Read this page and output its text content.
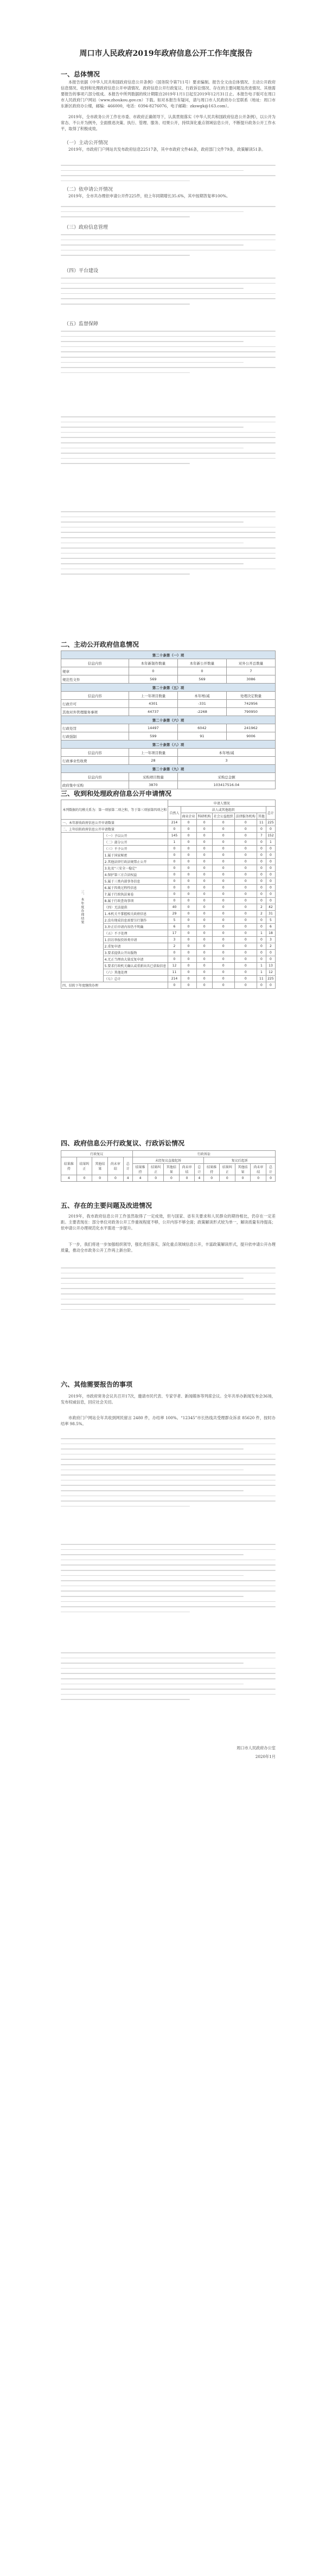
周口市人民政府2019年政府信息公开工作年度报告
一、总体情况

本报告依据《中华人民共和国政府信息公开条例》（国务院令第711号）要求编制。报告全文由总体情况、主动公开政府信息情况、收到和处理政府信息公开申请情况、政府信息公开行政复议、行政诉讼情况、存在的主要问题及改进情况、其他需要报告的事项六部分组成。本报告中所列数据的统计期限自2019年1月1日起至2019年12月31日止。本报告电子版可在周口市人民政府门户网站（www.zhoukou.gov.cn）下载。如对本报告有疑问，请与周口市人民政府办公室联系（地址：周口市东新区政府办公楼，邮编：466000，电话：0394-8276076，电子邮箱：zkswgk@163.com）。

2019年，全市政务公开工作在市委、市政府正确领导下，认真贯彻落实《中华人民共和国政府信息公开条例》，以公开为常态、不公开为例外，全面推进决策、执行、管理、服务、结果公开，持续深化重点领域信息公开，不断提升政务公开工作水平，取得了积极成效。

（一）主动公开情况

2019年，市政府门户网站共发布政府信息22517条，其中市政府文件46条，政府部门文件79条，政策解读51条。

（二）依申请公开情况

2019年，全市共办理依申请公开件225件，较上年同期增长35.6%，其中按期答复率100%。

（三）政府信息管理
（四）平台建设
（五）监督保障
二、主动公开政府信息情况
第二十条第（一）项			
信息内容	本年新制作数量	本年新公开数量	对外公开总数量
规章	0	0	7
规范性文件	569	569	3086
第二十条第（五）项			
信息内容	上一年项目数量	本年增/减	处理决定数量
行政许可	4301	-331	742956
其他对外管理服务事项	44737	-2268	790950
第二十条第（六）项			
行政处罚	14497	6042	241962
行政强制	599	91	9006
第二十条第（八）项			
信息内容	上一年项目数量	本年增/减	
行政事业性收费	28	3	
第二十条第（九）项			
信息内容	采购项目数量	采购总金额	
政府集中采购	3870	103417516.04	
三、收到和处理政府信息公开申请情况
本列数据的勾稽关系为：第一项加第二项之和，等于第三项加第四项之和		申请人情况						
		自然人	法人或其他组织					总计
			商业企业	科研机构	社会公益组织	法律服务机构	其他	
一、本年新收政府信息公开申请数量		214	0	0	0	0	11	225
二、上年结转政府信息公开申请数量		0	0	0	0	0	0	0
三、本年度办理结果	（一）予以公开	145	0	0	0	0	7	152
	（二）部分公开	1	0	0	0	0	0	1
	（三）不予公开	0	0	0	0	0	0	0
	1.属于国家秘密	0	0	0	0	0	0	0
	2.其他法律行政法规禁止公开	0	0	0	0	0	0	0
	3.危及"三安全一稳定"	0	0	0	0	0	0	0
	4.保护第三方合法权益	0	0	0	0	0	0	0
	5.属于三类内部事务信息	0	0	0	0	0	0	0
	6.属于四类过程性信息	0	0	0	0	0	0	0
	7.属于行政执法案卷	0	0	0	0	0	0	0
	8.属于行政查询事项	0	0	0	0	0	0	0
	（四）无法提供	40	0	0	0	0	2	42
	1.本机关不掌握相关政府信息	29	0	0	0	0	2	31
	2.没有现成信息需要另行制作	5	0	0	0	0	0	5
	3.补正后申请内容仍不明确	6	0	0	0	0	0	6
	（五）不予处理	17	0	0	0	0	1	18
	1.信访举报投诉类申请	3	0	0	0	0	0	3
	2.重复申请	2	0	0	0	0	0	2
	3.要求提供公开出版物	0	0	0	0	0	0	0
	4.无正当理由大量反复申请	0	0	0	0	0	0	0
	5.要求行政机关确认或重新出具已获取信息	12	0	0	0	0	1	13
	（六）其他处理	11	0	0	0	0	1	12
	（七）总计	214	0	0	0	0	11	225
四、结转下年度继续办理		0	0	0	0	0	0	0
四、政府信息公开行政复议、行政诉讼情况
行政复议					行政诉讼									
结果维持	结果纠正	其他结果	尚未审结	总计	未经复议直接起诉					复议后起诉				
					结果维持	结果纠正	其他结果	尚未审结	总计	结果维持	结果纠正	其他结果	尚未审结	总计
4	0	0	0	4	4	0	0	0	4	0	0	0	0	0
五、存在的主要问题及改进情况

2019年，我市政府信息公开工作虽然取得了一定成效，但与国家、省有关要求和人民群众的期待相比，仍存在一定差距。主要表现在：部分单位对政务公开工作重视程度不够，公开内容不够全面；政策解读形式较为单一，解读质量有待提高；依申请公开办理规范化水平需进一步提升。

下一步，我们将进一步加强组织领导，强化责任落实，深化重点领域信息公开，丰富政策解读形式，提升依申请公开办理质量，推动全市政务公开工作再上新台阶。

六、其他需要报告的事项

2019年，市政府常务会议共召开17次，邀请市民代表、专家学者、新闻媒体等列席会议。全年共举办新闻发布会36场，发布权威信息，回应社会关切。

市政府门户网站全年共收到网民留言 2480 件，办结率 100%。“12345”市长热线共受理群众诉求 85620 件，按时办结率 98.5%。

周口市人民政府办公室
2020年1月
